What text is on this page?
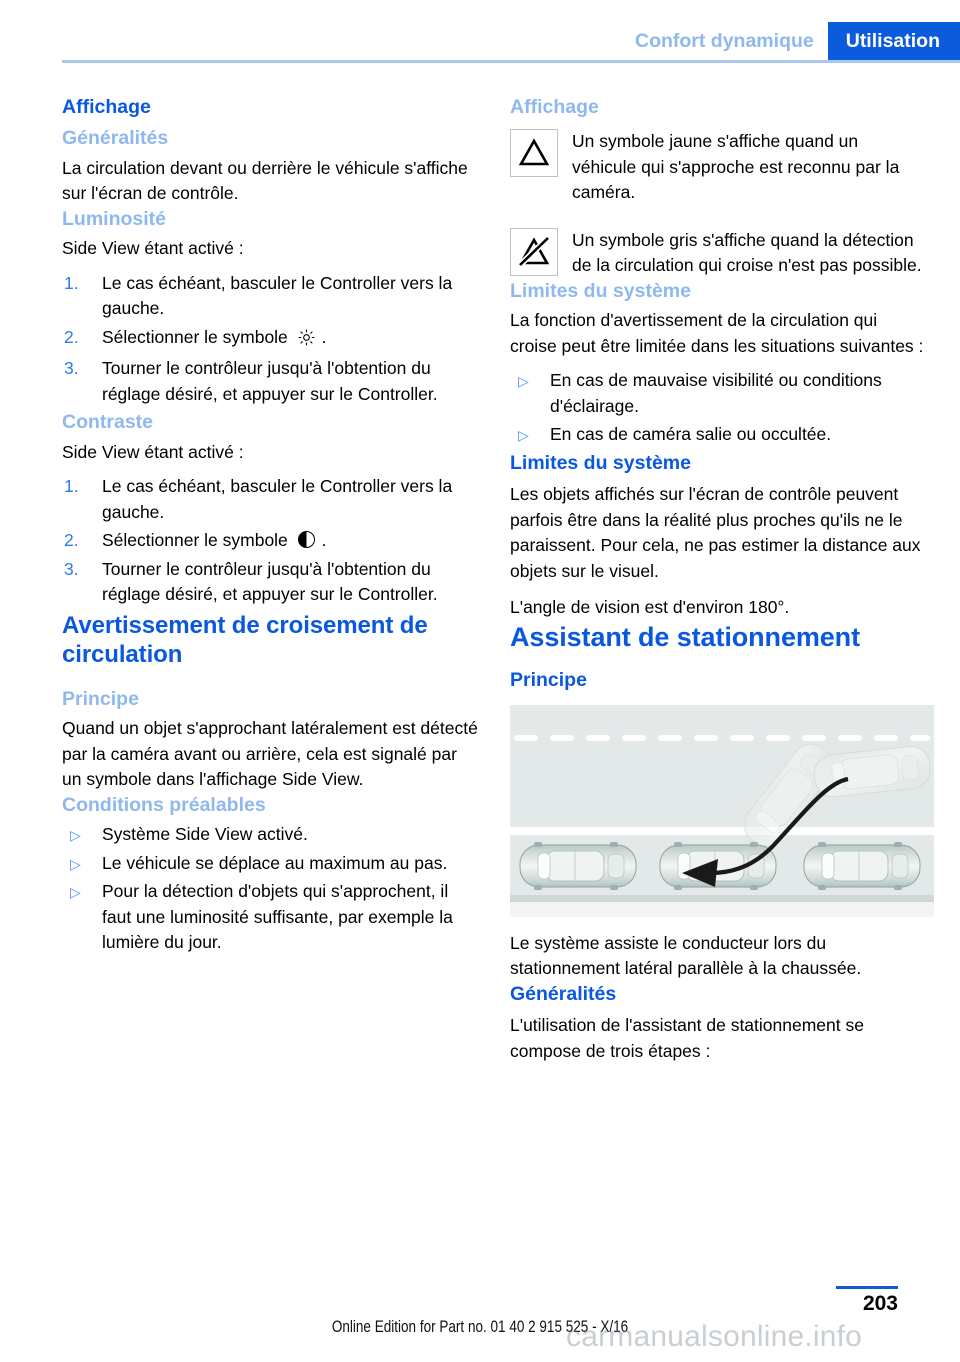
Confort dynamique	Utilisation
Affichage
Généralités

La circulation devant ou derrière le véhicule s'affiche sur l'écran de contrôle.

Luminosité

Side View étant activé :

1. Le cas échéant, basculer le Controller vers la gauche.
2. Sélectionner le symbole .
3. Tourner le contrôleur jusqu'à l'obtention du réglage désiré, et appuyer sur le Controller.
Contraste

Side View étant activé :

1. Le cas échéant, basculer le Controller vers la gauche.
2. Sélectionner le symbole .
3. Tourner le contrôleur jusqu'à l'obtention du réglage désiré, et appuyer sur le Controller.
Avertissement de croisement de circulation
Principe

Quand un objet s'approchant latéralement est détecté par la caméra avant ou arrière, cela est signalé par un symbole dans l'affichage Side View.

Conditions préalables
▷ Système Side View activé.
▷ Le véhicule se déplace au maximum au pas.
▷ Pour la détection d'objets qui s'approchent, il faut une luminosité suffisante, par exemple la lumière du jour.
Affichage
Un symbole jaune s'affiche quand un véhicule qui s'approche est reconnu par la caméra.
Un symbole gris s'affiche quand la détection de la circulation qui croise n'est pas possible.
Limites du système

La fonction d'avertissement de la circulation qui croise peut être limitée dans les situations suivantes :

▷ En cas de mauvaise visibilité ou conditions d'éclairage.
▷ En cas de caméra salie ou occultée.
Limites du système

Les objets affichés sur l'écran de contrôle peuvent parfois être dans la réalité plus proches qu'ils ne le paraissent. Pour cela, ne pas estimer la distance aux objets sur le visuel.

L'angle de vision est d'environ 180°.

Assistant de stationnement
Principe

Le système assiste le conducteur lors du stationnement latéral parallèle à la chaussée.

Généralités

L'utilisation de l'assistant de stationnement se compose de trois étapes :

203
Online Edition for Part no. 01 40 2 915 525 - X/16
carmanualsonline.info
